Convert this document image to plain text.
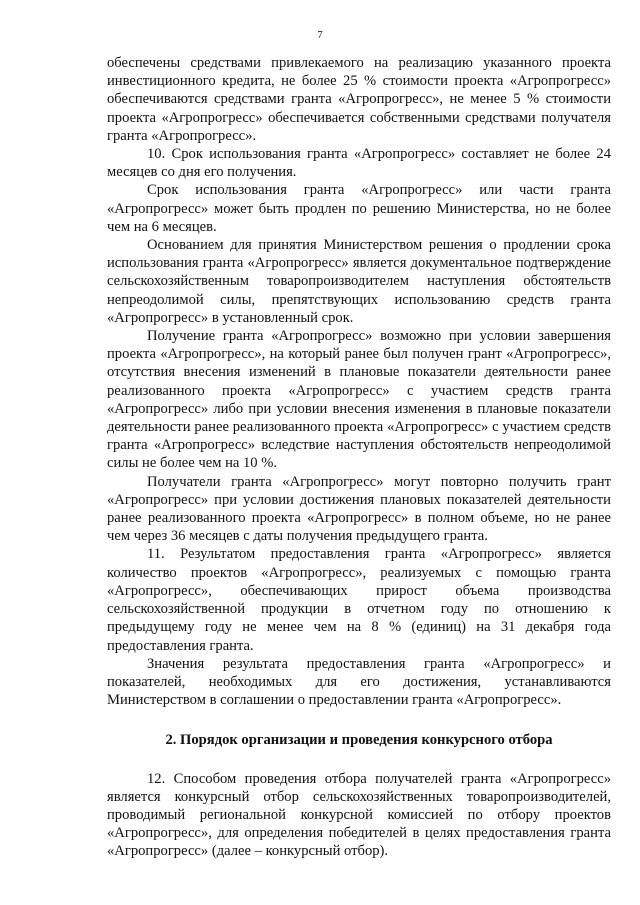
7

обеспечены средствами привлекаемого на реализацию указанного проекта инвестиционного кредита, не более 25 % стоимости проекта «Агропрогресс» обеспечиваются средствами гранта «Агропрогресс», не менее 5 % стоимости проекта «Агропрогресс» обеспечивается собственными средствами получателя гранта «Агропрогресс».

10. Срок использования гранта «Агропрогресс» составляет не более 24 месяцев со дня его получения.

Срок использования гранта «Агропрогресс» или части гранта «Агропрогресс» может быть продлен по решению Министерства, но не более чем на 6 месяцев.

Основанием для принятия Министерством решения о продлении срока использования гранта «Агропрогресс» является документальное подтверждение сельскохозяйственным товаропроизводителем наступления обстоятельств непреодолимой силы, препятствующих использованию средств гранта «Агропрогресс» в установленный срок.

Получение гранта «Агропрогресс» возможно при условии завершения проекта «Агропрогресс», на который ранее был получен грант «Агропрогресс», отсутствия внесения изменений в плановые показатели деятельности ранее реализованного проекта «Агропрогресс» с участием средств гранта «Агропрогресс» либо при условии внесения изменения в плановые показатели деятельности ранее реализованного проекта «Агропрогресс» с участием средств гранта «Агропрогресс» вследствие наступления обстоятельств непреодолимой силы не более чем на 10 %.

Получатели гранта «Агропрогресс» могут повторно получить грант «Агропрогресс» при условии достижения плановых показателей деятельности ранее реализованного проекта «Агропрогресс» в полном объеме, но не ранее чем через 36 месяцев с даты получения предыдущего гранта.

11. Результатом предоставления гранта «Агропрогресс» является количество проектов «Агропрогресс», реализуемых с помощью гранта «Агропрогресс», обеспечивающих прирост объема производства сельскохозяйственной продукции в отчетном году по отношению к предыдущему году не менее чем на 8 % (единиц) на 31 декабря года предоставления гранта.

Значения результата предоставления гранта «Агропрогресс» и показателей, необходимых для его достижения, устанавливаются Министерством в соглашении о предоставлении гранта «Агропрогресс».

2. Порядок организации и проведения конкурсного отбора

12. Способом проведения отбора получателей гранта «Агропрогресс» является конкурсный отбор сельскохозяйственных товаропроизводителей, проводимый региональной конкурсной комиссией по отбору проектов «Агропрогресс», для определения победителей в целях предоставления гранта «Агропрогресс» (далее – конкурсный отбор).
